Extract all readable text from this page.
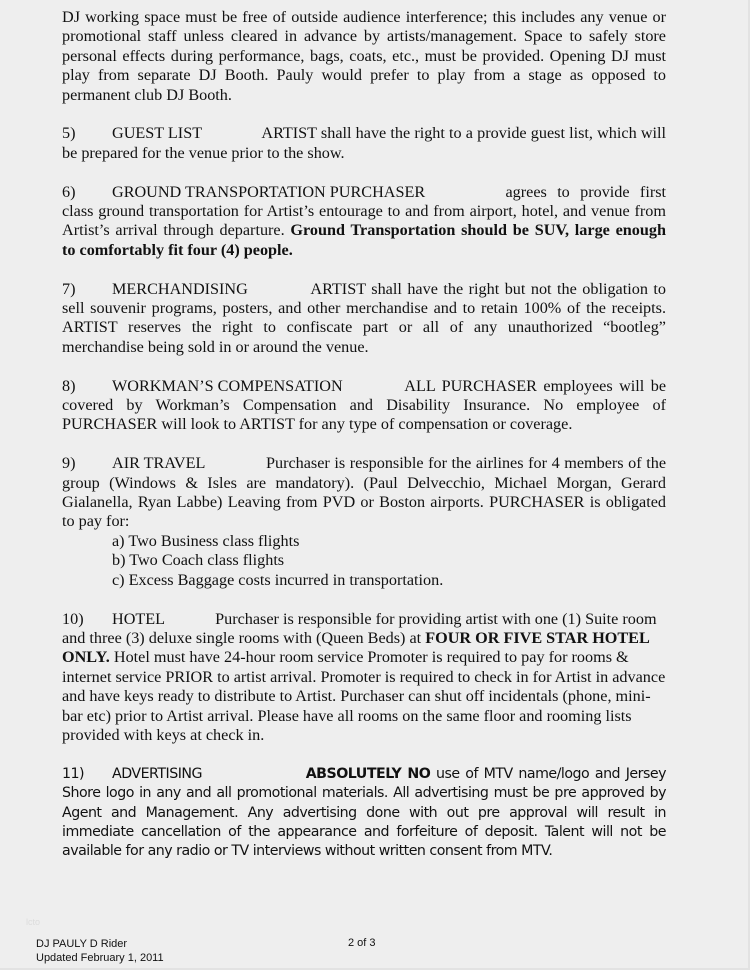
DJ working space must be free of outside audience interference; this includes any venue or promotional staff unless cleared in advance by artists/management. Space to safely store personal effects during performance, bags, coats, etc., must be provided. Opening DJ must play from separate DJ Booth. Pauly would prefer to play from a stage as opposed to permanent club DJ Booth.

5) GUEST LIST	ARTIST shall have the right to a provide guest list, which will be prepared for the venue prior to the show.

6) GROUND TRANSPORTATION PURCHASER	agrees to provide first class ground transportation for Artist’s entourage to and from airport, hotel, and venue from Artist’s arrival through departure. Ground Transportation should be SUV, large enough to comfortably fit four (4) people.

7) MERCHANDISING	ARTIST shall have the right but not the obligation to sell souvenir programs, posters, and other merchandise and to retain 100% of the receipts. ARTIST reserves the right to confiscate part or all of any unauthorized “bootleg” merchandise being sold in or around the venue.

8) WORKMAN’S COMPENSATION	ALL PURCHASER employees will be covered by Workman’s Compensation and Disability Insurance. No employee of PURCHASER will look to ARTIST for any type of compensation or coverage.

9) AIR TRAVEL	Purchaser is responsible for the airlines for 4 members of the group (Windows & Isles are mandatory). (Paul Delvecchio, Michael Morgan, Gerard Gialanella, Ryan Labbe) Leaving from PVD or Boston airports. PURCHASER is obligated to pay for:
a) Two Business class flights
b) Two Coach class flights
c) Excess Baggage costs incurred in transportation.

10) HOTEL	Purchaser is responsible for providing artist with one (1) Suite room and three (3) deluxe single rooms with (Queen Beds) at FOUR OR FIVE STAR HOTEL ONLY. Hotel must have 24-hour room service Promoter is required to pay for rooms & internet service PRIOR to artist arrival. Promoter is required to check in for Artist in advance and have keys ready to distribute to Artist. Purchaser can shut off incidentals (phone, mini-bar etc) prior to Artist arrival. Please have all rooms on the same floor and rooming lists provided with keys at check in.

11) ADVERTISING	ABSOLUTELY NO use of MTV name/logo and Jersey Shore logo in any and all promotional materials. All advertising must be pre approved by Agent and Management. Any advertising done with out pre approval will result in immediate cancellation of the appearance and forfeiture of deposit. Talent will not be available for any radio or TV interviews without written consent from MTV.

lcto
DJ PAULY D Rider
Updated February 1, 2011
2 of 3
